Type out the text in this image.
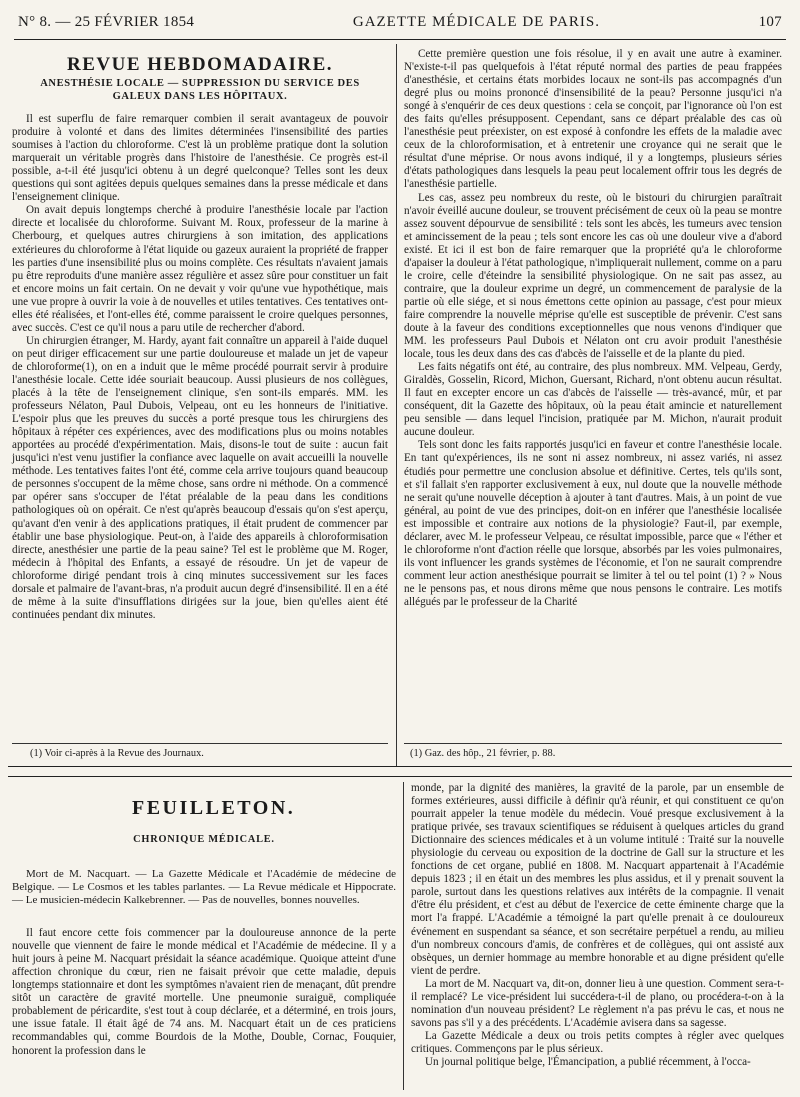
N° 8. — 25 FÉVRIER 1854	GAZETTE MÉDICALE DE PARIS.	107
REVUE HEBDOMADAIRE.
ANESTHÉSIE LOCALE — SUPPRESSION DU SERVICE DES GALEUX DANS LES HÔPITAUX.

Il est superflu de faire remarquer combien il serait avantageux de pouvoir produire à volonté et dans des limites déterminées l'insensibilité des parties soumises à l'action du chloroforme. C'est là un problème pratique dont la solution marquerait un véritable progrès dans l'histoire de l'anesthésie. Ce progrès est-il possible, a-t-il été jusqu'ici obtenu à un degré quelconque? Telles sont les deux questions qui sont agitées depuis quelques semaines dans la presse médicale et dans l'enseignement clinique.

On avait depuis longtemps cherché à produire l'anesthésie locale par l'action directe et localisée du chloroforme. Suivant M. Roux, professeur de la marine à Cherbourg, et quelques autres chirurgiens à son imitation, des applications extérieures du chloroforme à l'état liquide ou gazeux auraient la propriété de frapper les parties d'une insensibilité plus ou moins complète. Ces résultats n'avaient jamais pu être reproduits d'une manière assez régulière et assez sûre pour constituer un fait et encore moins un fait certain. On ne devait y voir qu'une vue hypothétique, mais une vue propre à ouvrir la voie à de nouvelles et utiles tentatives. Ces tentatives ont-elles été réalisées, et l'ont-elles été, comme paraissent le croire quelques personnes, avec succès. C'est ce qu'il nous a paru utile de rechercher d'abord.

Un chirurgien étranger, M. Hardy, ayant fait connaître un appareil à l'aide duquel on peut diriger efficacement sur une partie douloureuse et malade un jet de vapeur de chloroforme(1), on en a induit que le même procédé pourrait servir à produire l'anesthésie locale. Cette idée souriait beaucoup. Aussi plusieurs de nos collègues, placés à la tête de l'enseignement clinique, s'en sont-ils emparés. MM. les professeurs Nélaton, Paul Dubois, Velpeau, ont eu les honneurs de l'initiative. L'espoir plus que les preuves du succès a porté presque tous les chirurgiens des hôpitaux à répéter ces expériences, avec des modifications plus ou moins notables apportées au procédé d'expérimentation. Mais, disons-le tout de suite : aucun fait jusqu'ici n'est venu justifier la confiance avec laquelle on avait accueilli la nouvelle méthode. Les tentatives faites l'ont été, comme cela arrive toujours quand beaucoup de personnes s'occupent de la même chose, sans ordre ni méthode. On a commencé par opérer sans s'occuper de l'état préalable de la peau dans les conditions pathologiques où on opérait. Ce n'est qu'après beaucoup d'essais qu'on s'est aperçu, qu'avant d'en venir à des applications pratiques, il était prudent de commencer par établir une base physiologique. Peut-on, à l'aide des appareils à chloroformisation directe, anesthésier une partie de la peau saine? Tel est le problème que M. Roger, médecin à l'hôpital des Enfants, a essayé de résoudre. Un jet de vapeur de chloroforme dirigé pendant trois à cinq minutes successivement sur les faces dorsale et palmaire de l'avant-bras, n'a produit aucun degré d'insensibilité. Il en a été de même à la suite d'insufflations dirigées sur la joue, bien qu'elles aient été continuées pendant dix minutes.

Cette première question une fois résolue, il y en avait une autre à examiner. N'existe-t-il pas quelquefois à l'état réputé normal des parties de peau frappées d'anesthésie, et certains états morbides locaux ne sont-ils pas accompagnés d'un degré plus ou moins prononcé d'insensibilité de la peau? Personne jusqu'ici n'a songé à s'enquérir de ces deux questions : cela se conçoit, par l'ignorance où l'on est des faits qu'elles présupposent. Cependant, sans ce départ préalable des cas où l'anesthésie peut préexister, on est exposé à confondre les effets de la maladie avec ceux de la chloroformisation, et à entretenir une croyance qui ne serait que le résultat d'une méprise. Or nous avons indiqué, il y a longtemps, plusieurs séries d'états pathologiques dans lesquels la peau peut localement offrir tous les degrés de l'anesthésie partielle.

Les cas, assez peu nombreux du reste, où le bistouri du chirurgien paraîtrait n'avoir éveillé aucune douleur, se trouvent précisément de ceux où la peau se montre assez souvent dépourvue de sensibilité : tels sont les abcès, les tumeurs avec tension et amincissement de la peau ; tels sont encore les cas où une douleur vive a d'abord existé. Et ici il est bon de faire remarquer que la propriété qu'a le chloroforme d'apaiser la douleur à l'état pathologique, n'impliquerait nullement, comme on a paru le croire, celle d'éteindre la sensibilité physiologique. On ne sait pas assez, au contraire, que la douleur exprime un degré, un commencement de paralysie de la partie où elle siége, et si nous émettons cette opinion au passage, c'est pour mieux faire comprendre la nouvelle méprise qu'elle est susceptible de prévenir. C'est sans doute à la faveur des conditions exceptionnelles que nous venons d'indiquer que MM. les professeurs Paul Dubois et Nélaton ont cru avoir produit l'anesthésie locale, tous les deux dans des cas d'abcès de l'aisselle et de la plante du pied.

Les faits négatifs ont été, au contraire, des plus nombreux. MM. Velpeau, Gerdy, Giraldès, Gosselin, Ricord, Michon, Guersant, Richard, n'ont obtenu aucun résultat. Il faut en excepter encore un cas d'abcès de l'aisselle — très-avancé, mûr, et par conséquent, dit la Gazette des hôpitaux, où la peau était amincie et naturellement peu sensible — dans lequel l'incision, pratiquée par M. Michon, n'aurait produit aucune douleur.

Tels sont donc les faits rapportés jusqu'ici en faveur et contre l'anesthésie locale. En tant qu'expériences, ils ne sont ni assez nombreux, ni assez variés, ni assez étudiés pour permettre une conclusion absolue et définitive. Certes, tels qu'ils sont, et s'il fallait s'en rapporter exclusivement à eux, nul doute que la nouvelle méthode ne serait qu'une nouvelle déception à ajouter à tant d'autres. Mais, à un point de vue général, au point de vue des principes, doit-on en inférer que l'anesthésie localisée est impossible et contraire aux notions de la physiologie? Faut-il, par exemple, déclarer, avec M. le professeur Velpeau, ce résultat impossible, parce que « l'éther et le chloroforme n'ont d'action réelle que lorsque, absorbés par les voies pulmonaires, ils vont influencer les grands systèmes de l'économie, et l'on ne saurait comprendre comment leur action anesthésique pourrait se limiter à tel ou tel point (1) ? » Nous ne le pensons pas, et nous dirons même que nous pensons le contraire. Les motifs allégués par le professeur de la Charité

(1) Voir ci-après à la Revue des Journaux.	(1) Gaz. des hôp., 21 février, p. 88.
FEUILLETON.
CHRONIQUE MÉDICALE.
Mort de M. Nacquart. — La Gazette Médicale et l'Académie de médecine de Belgique. — Le Cosmos et les tables parlantes. — La Revue médicale et Hippocrate. — Le musicien-médecin Kalkebrenner. — Pas de nouvelles, bonnes nouvelles.

Il faut encore cette fois commencer par la douloureuse annonce de la perte nouvelle que viennent de faire le monde médical et l'Académie de médecine. Il y a huit jours à peine M. Nacquart présidait la séance académique. Quoique atteint d'une affection chronique du cœur, rien ne faisait prévoir que cette maladie, depuis longtemps stationnaire et dont les symptômes n'avaient rien de menaçant, dût prendre sitôt un caractère de gravité mortelle. Une pneumonie suraiguë, compliquée probablement de péricardite, s'est tout à coup déclarée, et a déterminé, en trois jours, une issue fatale. Il était âgé de 74 ans. M. Nacquart était un de ces praticiens recommandables qui, comme Bourdois de la Mothe, Double, Cornac, Fouquier, honorent la profession dans le

monde, par la dignité des manières, la gravité de la parole, par un ensemble de formes extérieures, aussi difficile à définir qu'à réunir, et qui constituent ce qu'on pourrait appeler la tenue modèle du médecin. Voué presque exclusivement à la pratique privée, ses travaux scientifiques se réduisent à quelques articles du grand Dictionnaire des sciences médicales et à un volume intitulé : Traité sur la nouvelle physiologie du cerveau ou exposition de la doctrine de Gall sur la structure et les fonctions de cet organe, publié en 1808. M. Nacquart appartenait à l'Académie depuis 1823 ; il en était un des membres les plus assidus, et il y prenait souvent la parole, surtout dans les questions relatives aux intérêts de la compagnie. Il venait d'être élu président, et c'est au début de l'exercice de cette éminente charge que la mort l'a frappé. L'Académie a témoigné la part qu'elle prenait à ce douloureux événement en suspendant sa séance, et son secrétaire perpétuel a rendu, au milieu d'un nombreux concours d'amis, de confrères et de collègues, qui ont assisté aux obsèques, un dernier hommage au membre honorable et au digne président qu'elle vient de perdre.

La mort de M. Nacquart va, dit-on, donner lieu à une question. Comment sera-t-il remplacé? Le vice-président lui succédera-t-il de plano, ou procédera-t-on à la nomination d'un nouveau président? Le règlement n'a pas prévu le cas, et nous ne savons pas s'il y a des précédents. L'Académie avisera dans sa sagesse.

La Gazette Médicale a deux ou trois petits comptes à régler avec quelques critiques. Commençons par le plus sérieux.

Un journal politique belge, l'Émancipation, a publié récemment, à l'occa-
